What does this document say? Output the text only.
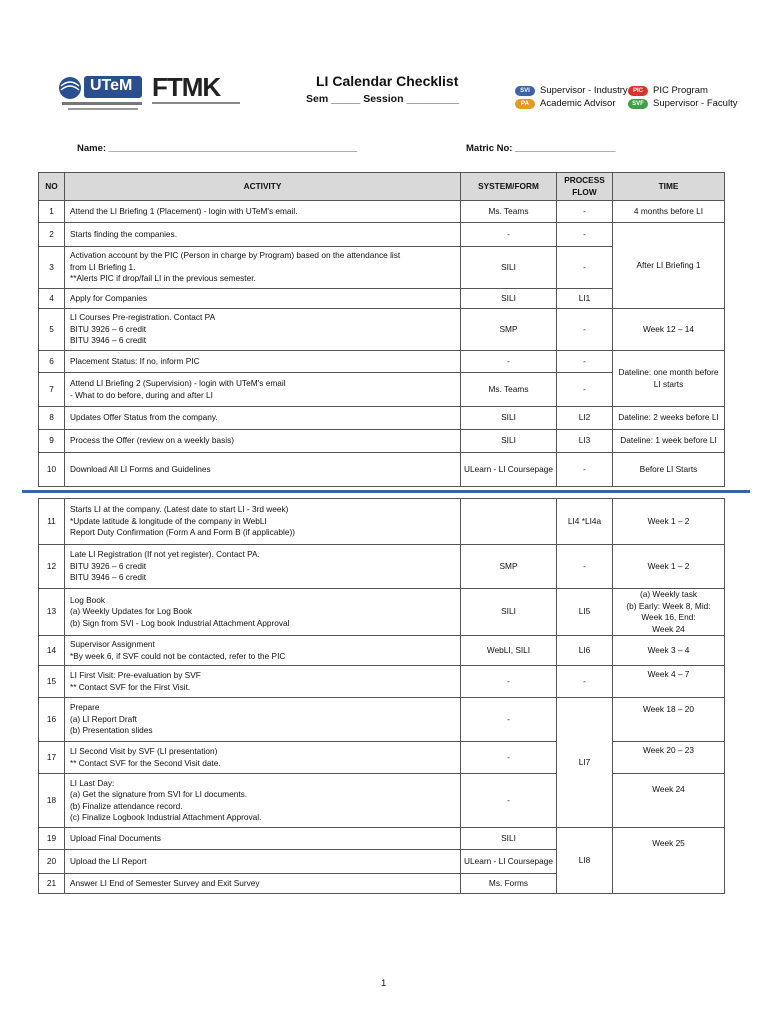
UTeM FTMK	LI Calendar Checklist
Sem _____ Session _________
SVI	Supervisor - Industry PIC	PIC Program
PA	Academic Advisor	SVF Supervisor - Faculty
Name: _______________________________________________	Matric No: ___________________
NO	ACTIVITY	SYSTEM/FORM	PROCESS FLOW	TIME
1	Attend the LI Briefing 1 (Placement) - login with UTeM's email.	Ms. Teams	-	4 months before LI
2	Starts finding the companies.	-	-	After LI Briefing 1
3	Activation account by the PIC (Person in charge by Program) based on the attendance list
from LI Briefing 1.
**Alerts PIC if drop/fail LI in the previous semester.	SILI	-	
4	Apply for Companies	SILI	LI1	
5	LI Courses Pre-registration. Contact PA
BITU 3926 – 6 credit
BITU 3946 – 6 credit	SMP	-	Week 12 – 14
6	Placement Status: If no, inform PIC	-	-	Dateline: one month before LI starts
7	Attend LI Briefing 2 (Supervision) - login with UTeM's email
- What to do before, during and after LI	Ms. Teams	-	
8	Updates Offer Status from the company.	SILI	LI2	Dateline: 2 weeks before LI
9	Process the Offer (review on a weekly basis)	SILI	LI3	Dateline: 1 week before LI
10	Download All LI Forms and Guidelines	ULearn - LI Coursepage	-	Before LI Starts
11	Starts LI at the company. (Latest date to start LI - 3rd week)
*Update latitude & longitude of the company in WebLI
Report Duty Confirmation (Form A and Form B (if applicable))		LI4 *LI4a	Week 1 – 2
12	Late LI Registration (If not yet register). Contact PA.
BITU 3926 – 6 credit
BITU 3946 – 6 credit	SMP	-	Week 1 – 2
13	Log Book
(a) Weekly Updates for Log Book
(b) Sign from SVI - Log book Industrial Attachment Approval	SILI	LI5	(a) Weekly task
(b) Early: Week 8, Mid: Week 16, End:
Week 24

14	Supervisor Assignment
*By week 6, if SVF could not be contacted, refer to the PIC	WebLI, SILI	LI6	Week 3 – 4
15	LI First Visit: Pre-evaluation by SVF
** Contact SVF for the First Visit.	-	-	Week 4 – 7
16	Prepare
(a) LI Report Draft
(b) Presentation slides	-	LI7	Week 18 – 20
17	LI Second Visit by SVF (LI presentation)
** Contact SVF for the Second Visit date.	-		Week 20 – 23
18	LI Last Day:
(a) Get the signature from SVI for LI documents.
(b) Finalize attendance record.
(c) Finalize Logbook Industrial Attachment Approval.	-		Week 24
19	Upload Final Documents	SILI	LI8	Week 25
20	Upload the LI Report	ULearn - LI Coursepage		
21	Answer LI End of Semester Survey and Exit Survey	Ms. Forms		
1
